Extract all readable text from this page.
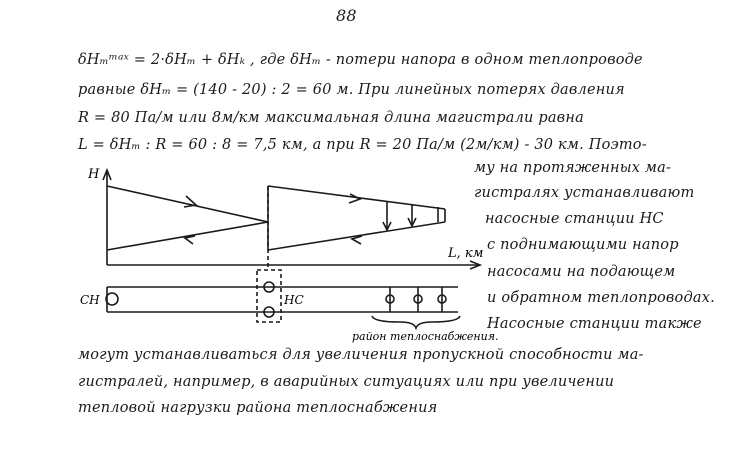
88
δHₘᵐᵃˣ = 2·δHₘ + δHₖ , где δHₘ - потери напора в одном теплопроводе
равные δHₘ = (140 - 20) : 2 = 60 м. При линейных потерях давления
R = 80 Па/м или 8м/км максимальная длина магистрали равна
L = δHₘ : R = 60 : 8 = 7,5 км, а при R = 20 Па/м (2м/км) - 30 км. Поэто-
му на протяженных ма-
гистралях устанавливают
насосные станции НС
с поднимающими напор
насосами на подающем
и обратном теплопроводах.
Насосные станции также
могут устанавливаться для увеличения пропускной способности ма-
гистралей, например, в аварийных ситуациях или при увеличении
тепловой нагрузки района теплоснабжения
H
L, км
СН	НС
район теплоснабжения.
